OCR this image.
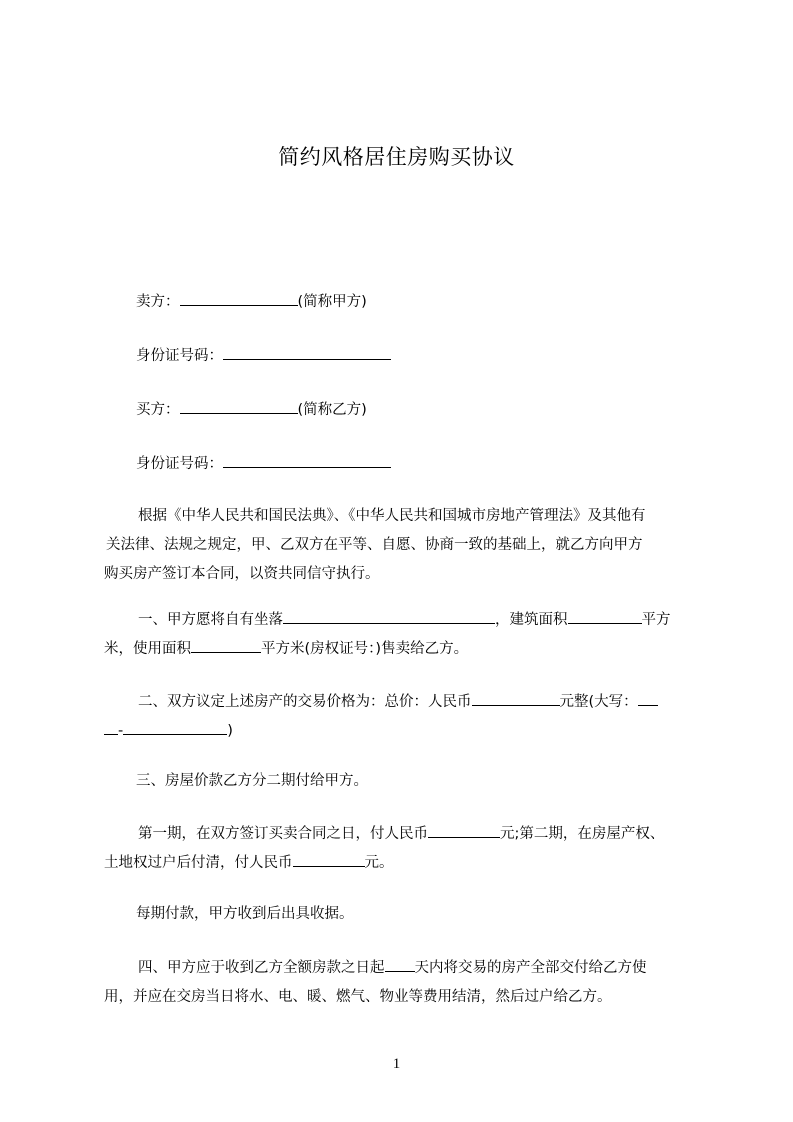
简约风格居住房购买协议
卖方：	(简称甲方)
身份证号码：
买方：	(简称乙方)
身份证号码：
根据《中华人民共和国民法典》、《中华人民共和国城市房地产管理法》及其他有
关法律、法规之规定，甲、乙双方在平等、自愿、协商一致的基础上，就乙方向甲方
购买房产签订本合同，以资共同信守执行。
一、甲方愿将自有坐落	，建筑面积	平方
米，使用面积	平方米(房权证号：)售卖给乙方。
二、双方议定上述房产的交易价格为：总价：人民币	元整(大写：
-	)
三、房屋价款乙方分二期付给甲方。
第一期，在双方签订买卖合同之日，付人民币	元;第二期，在房屋产权、
土地权过户后付清，付人民币	元。
每期付款，甲方收到后出具收据。
四、甲方应于收到乙方全额房款之日起 天内将交易的房产全部交付给乙方使
用，并应在交房当日将水、电、暖、燃气、物业等费用结清，然后过户给乙方。
1
